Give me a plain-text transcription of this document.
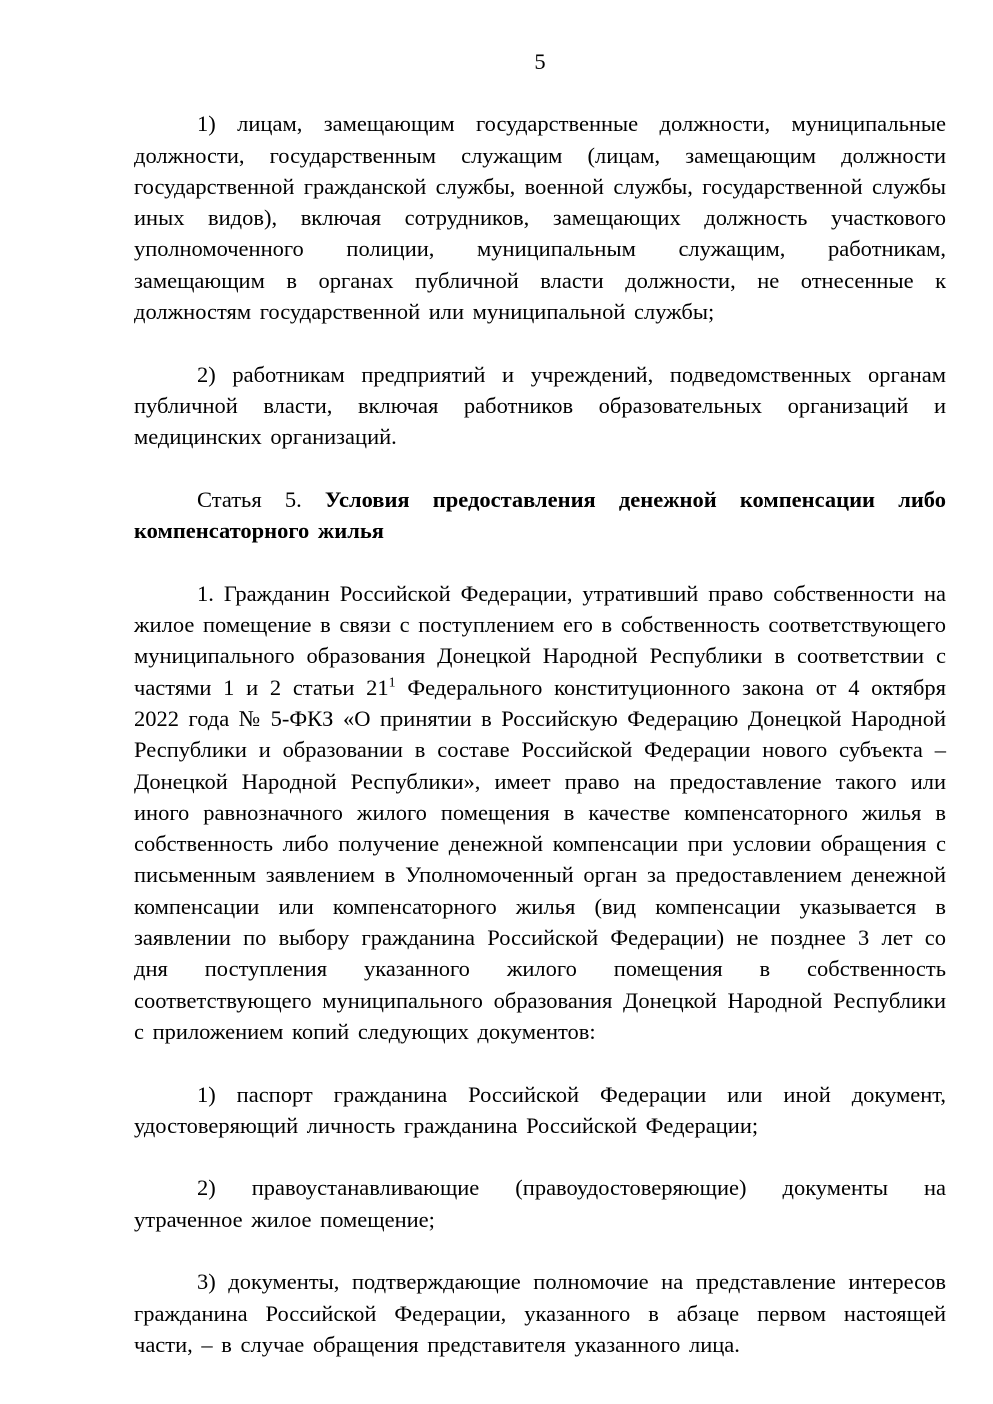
5

1) лицам, замещающим государственные должности, муниципальные должности, государственным служащим (лицам, замещающим должности государственной гражданской службы, военной службы, государственной службы иных видов), включая сотрудников, замещающих должность участкового уполномоченного полиции, муниципальным служащим, работникам, замещающим в органах публичной власти должности, не отнесенные к должностям государственной или муниципальной службы;

2) работникам предприятий и учреждений, подведомственных органам публичной власти, включая работников образовательных организаций и медицинских организаций.

Статья 5. Условия предоставления денежной компенсации либо компенсаторного жилья

1. Гражданин Российской Федерации, утративший право собственности на жилое помещение в связи с поступлением его в собственность соответствующего муниципального образования Донецкой Народной Республики в соответствии с частями 1 и 2 статьи $21^1$ Федерального конституционного закона от 4 октября 2022 года № 5-ФКЗ «О принятии в Российскую Федерацию Донецкой Народной Республики и образовании в составе Российской Федерации нового субъекта – Донецкой Народной Республики», имеет право на предоставление такого или иного равнозначного жилого помещения в качестве компенсаторного жилья в собственность либо получение денежной компенсации при условии обращения с письменным заявлением в Уполномоченный орган за предоставлением денежной компенсации или компенсаторного жилья (вид компенсации указывается в заявлении по выбору гражданина Российской Федерации) не позднее 3 лет со дня поступления указанного жилого помещения в собственность соответствующего муниципального образования Донецкой Народной Республики с приложением копий следующих документов:

1) паспорт гражданина Российской Федерации или иной документ, удостоверяющий личность гражданина Российской Федерации;

2) правоустанавливающие (правоудостоверяющие) документы на утраченное жилое помещение;

3) документы, подтверждающие полномочие на представление интересов гражданина Российской Федерации, указанного в абзаце первом настоящей части, – в случае обращения представителя указанного лица.
